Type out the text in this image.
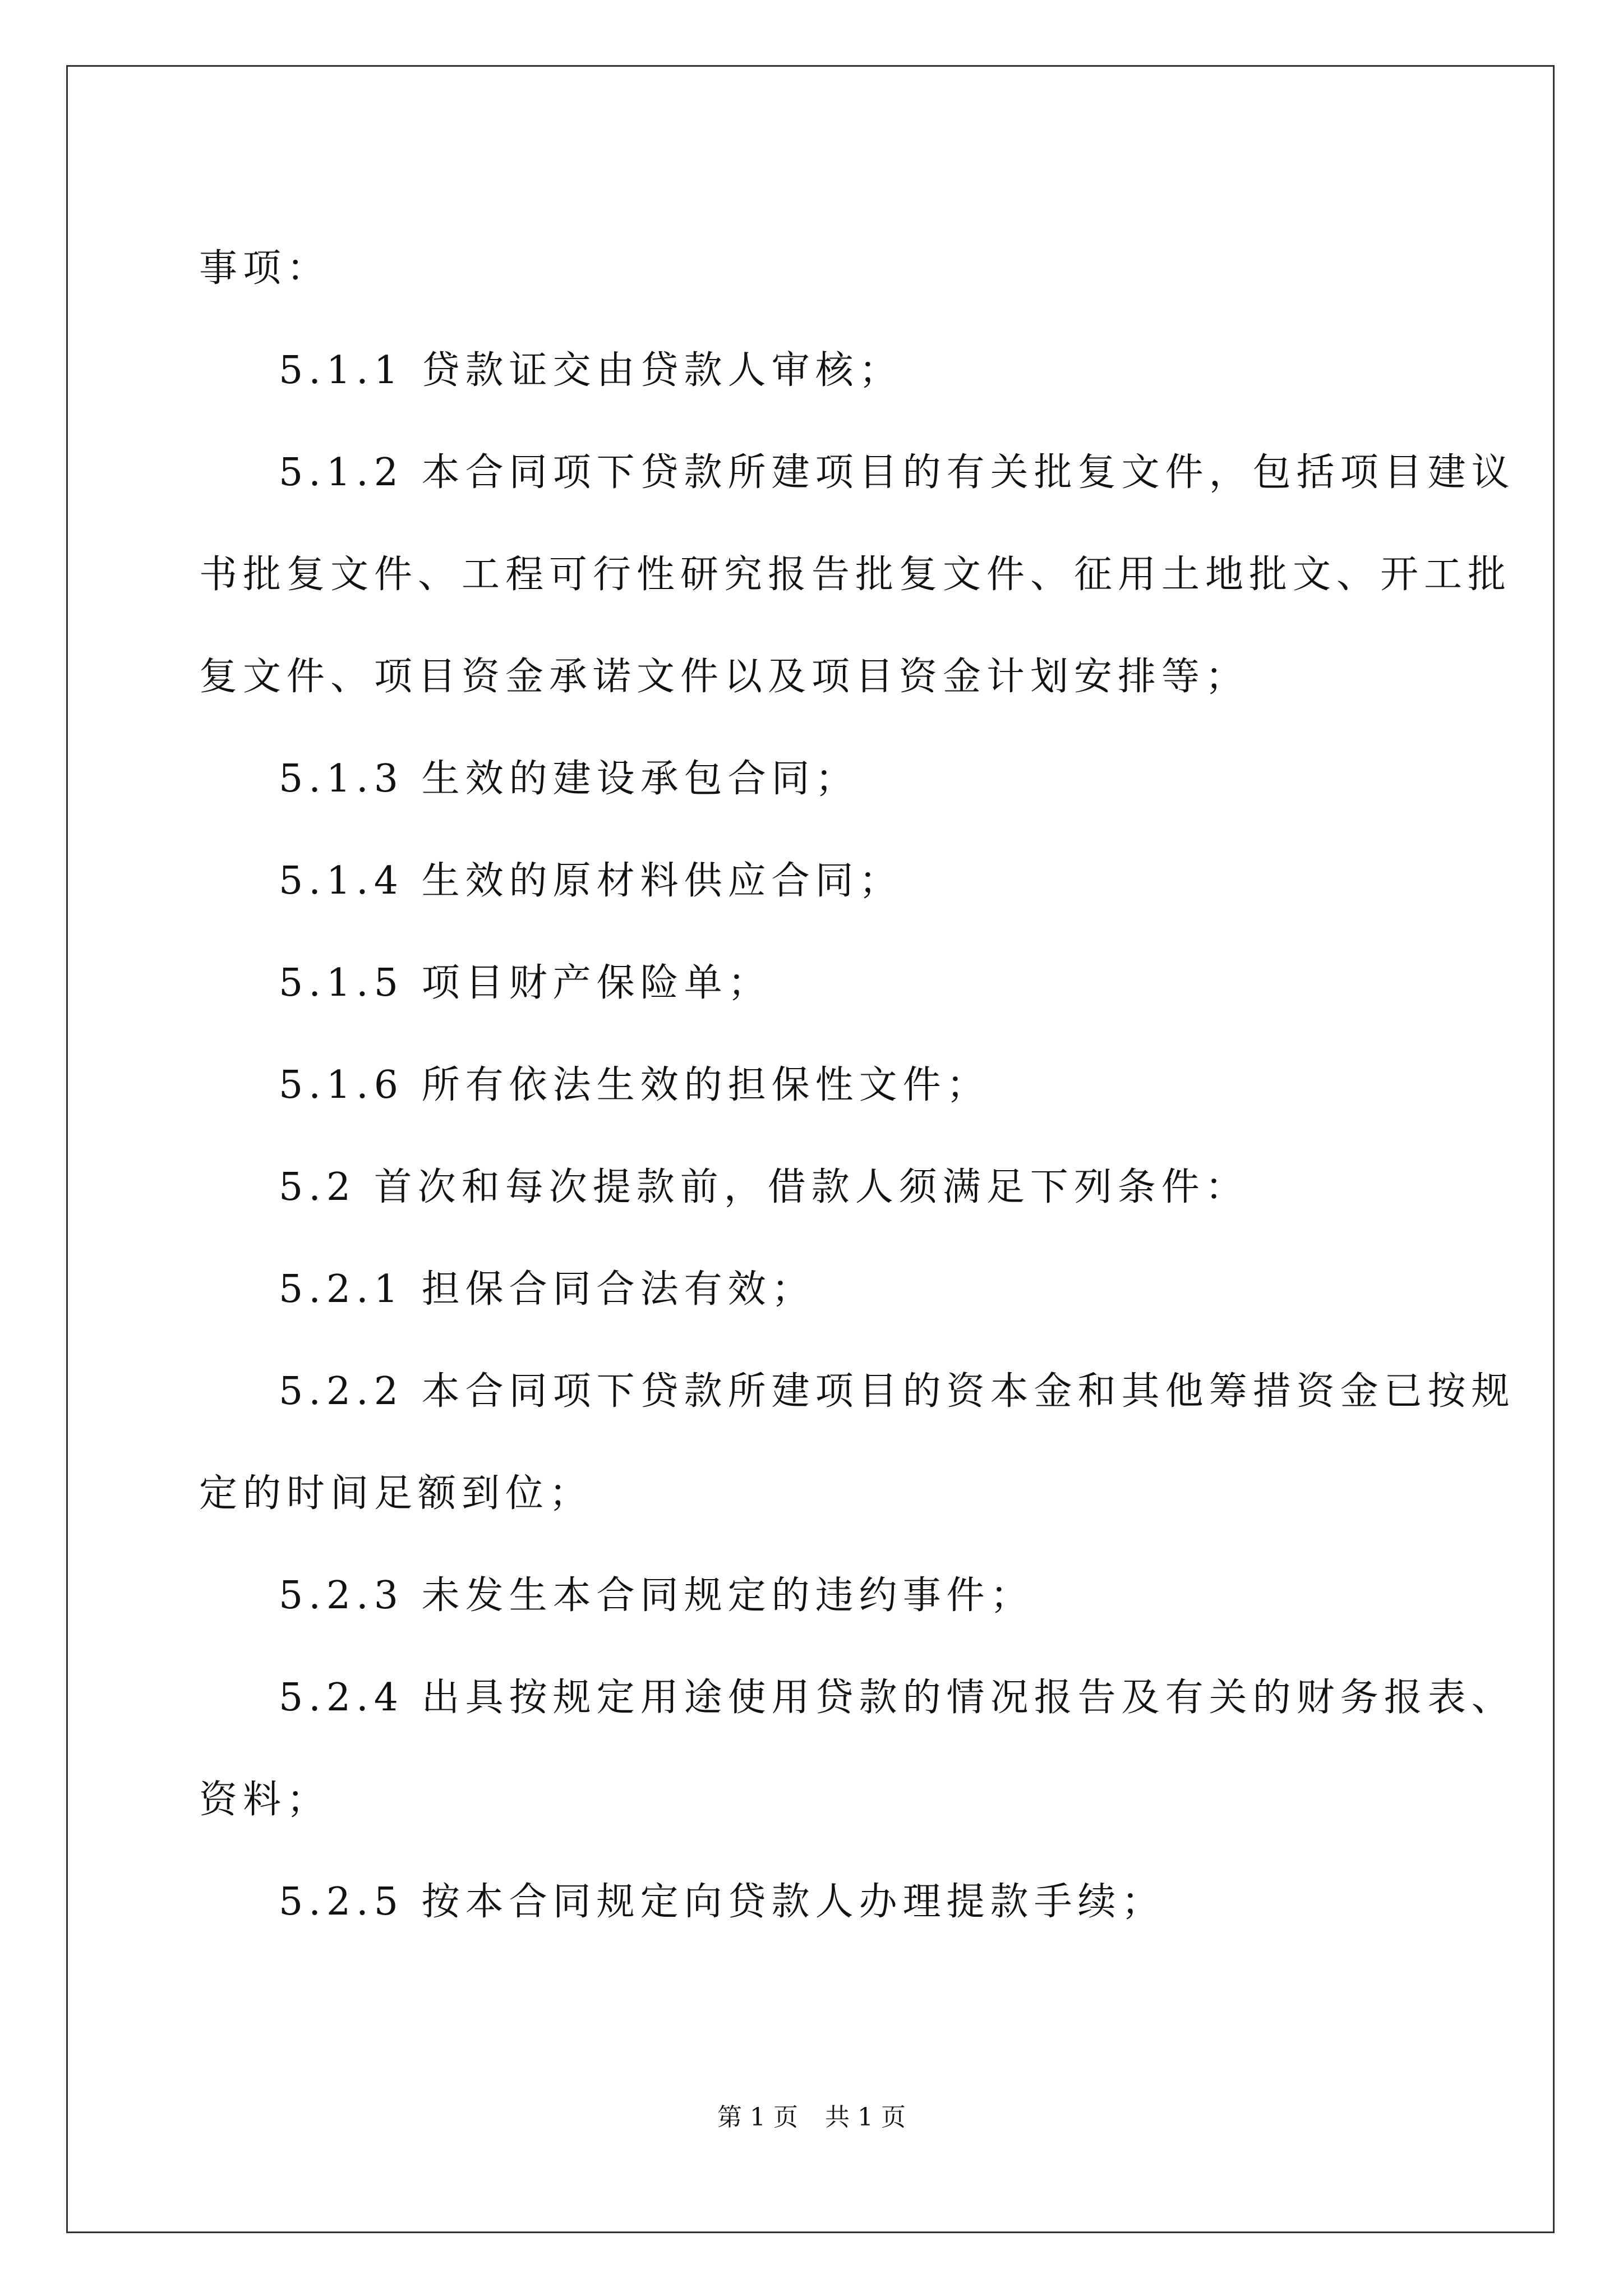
事项：

5.1.1 贷款证交由贷款人审核；

5.1.2 本合同项下贷款所建项目的有关批复文件，包括项目建议

书批复文件、工程可行性研究报告批复文件、征用土地批文、开工批

复文件、项目资金承诺文件以及项目资金计划安排等；

5.1.3 生效的建设承包合同；

5.1.4 生效的原材料供应合同；

5.1.5 项目财产保险单；

5.1.6 所有依法生效的担保性文件；

5.2 首次和每次提款前，借款人须满足下列条件：

5.2.1 担保合同合法有效；

5.2.2 本合同项下贷款所建项目的资本金和其他筹措资金已按规

定的时间足额到位；

5.2.3 未发生本合同规定的违约事件；

5.2.4 出具按规定用途使用贷款的情况报告及有关的财务报表、

资料；

5.2.5 按本合同规定向贷款人办理提款手续；

第 1 页 共 1 页
